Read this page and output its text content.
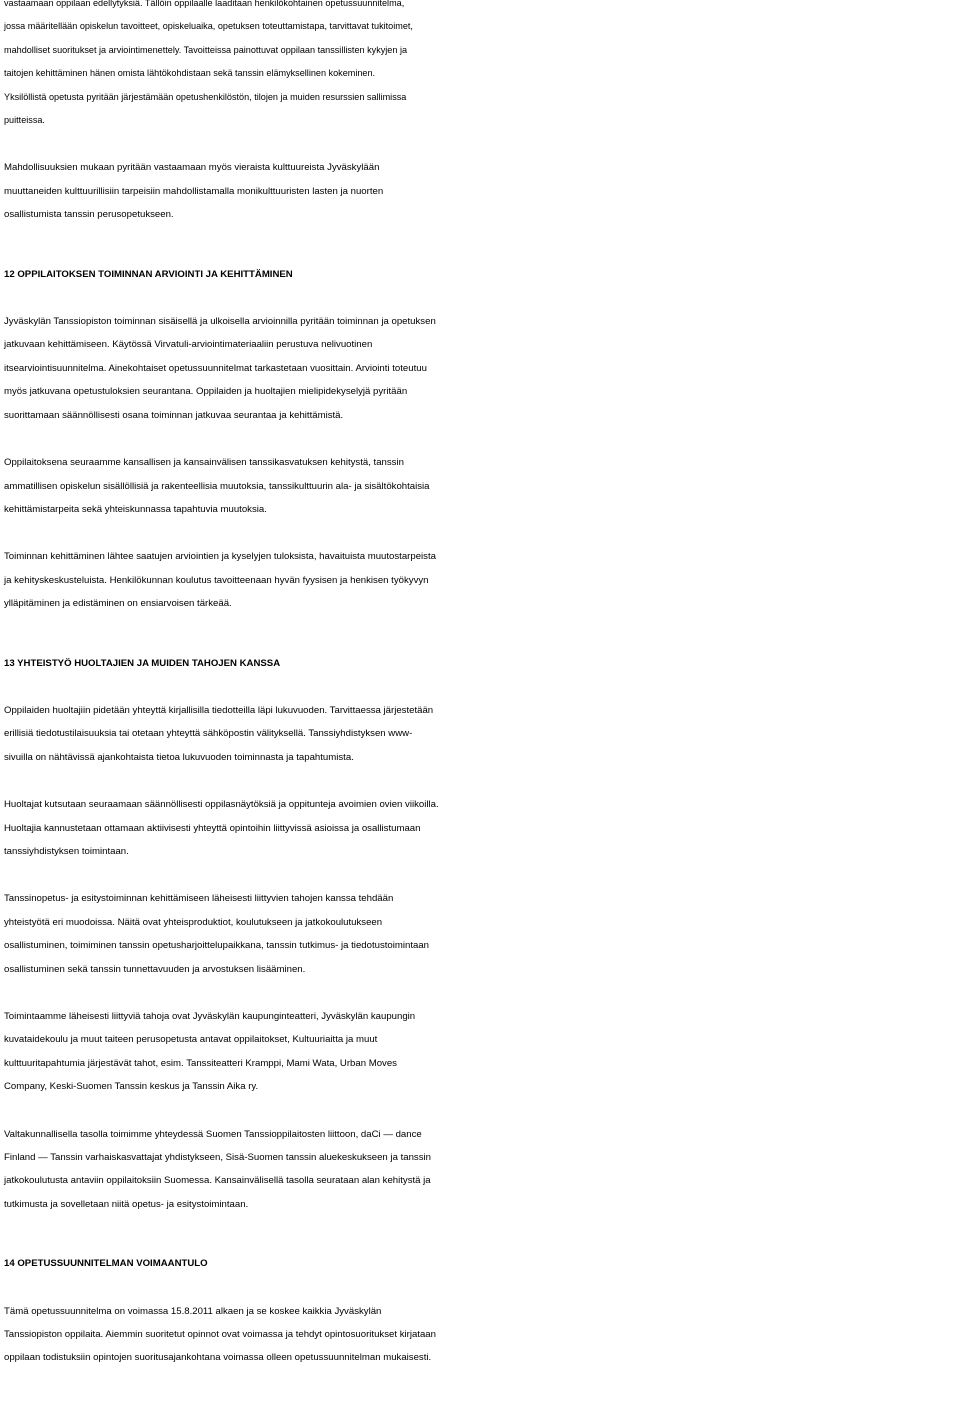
vastaamaan oppilaan edellytyksiä. Tällöin oppilaalle laaditaan henkilökohtainen opetussuunnitelma,
jossa määritellään opiskelun tavoitteet, opiskeluaika, opetuksen toteuttamistapa, tarvittavat tukitoimet,
mahdolliset suoritukset ja arviointimenettely. Tavoitteissa painottuvat oppilaan tanssillisten kykyjen ja
taitojen kehittäminen hänen omista lähtökohdistaan sekä tanssin elämyksellinen kokeminen.
Yksilöllistä opetusta pyritään järjestämään opetushenkilöstön, tilojen ja muiden resurssien sallimissa
puitteissa.
Mahdollisuuksien mukaan pyritään vastaamaan myös vieraista kulttuureista Jyväskylään
muuttaneiden kulttuurillisiin tarpeisiin mahdollistamalla monikulttuuristen lasten ja nuorten
osallistumista tanssin perusopetukseen.
12 OPPILAITOKSEN TOIMINNAN ARVIOINTI JA KEHITTÄMINEN
Jyväskylän Tanssiopiston toiminnan sisäisellä ja ulkoisella arvioinnilla pyritään toiminnan ja opetuksen
jatkuvaan kehittämiseen. Käytössä Virvatuli-arviointimateriaaliin perustuva nelivuotinen
itsearviointisuunnitelma. Ainekohtaiset opetussuunnitelmat tarkastetaan vuosittain. Arviointi toteutuu
myös jatkuvana opetustuloksien seurantana. Oppilaiden ja huoltajien mielipidekyselyjä pyritään
suorittamaan säännöllisesti osana toiminnan jatkuvaa seurantaa ja kehittämistä.
Oppilaitoksena seuraamme kansallisen ja kansainvälisen tanssikasvatuksen kehitystä, tanssin
ammatillisen opiskelun sisällöllisiä ja rakenteellisia muutoksia, tanssikulttuurin ala- ja sisältökohtaisia
kehittämistarpeita sekä yhteiskunnassa tapahtuvia muutoksia.
Toiminnan kehittäminen lähtee saatujen arviointien ja kyselyjen tuloksista, havaituista muutostarpeista
ja kehityskeskusteluista. Henkilökunnan koulutus tavoitteenaan hyvän fyysisen ja henkisen työkyvyn
ylläpitäminen ja edistäminen on ensiarvoisen tärkeää.
13 YHTEISTYÖ HUOLTAJIEN JA MUIDEN TAHOJEN KANSSA
Oppilaiden huoltajiin pidetään yhteyttä kirjallisilla tiedotteilla läpi lukuvuoden. Tarvittaessa järjestetään
erillisiä tiedotustilaisuuksia tai otetaan yhteyttä sähköpostin välityksellä. Tanssiyhdistyksen www-
sivuilla on nähtävissä ajankohtaista tietoa lukuvuoden toiminnasta ja tapahtumista.
Huoltajat kutsutaan seuraamaan säännöllisesti oppilasnäytöksiä ja oppitunteja avoimien ovien viikoilla.
Huoltajia kannustetaan ottamaan aktiivisesti yhteyttä opintoihin liittyvissä asioissa ja osallistumaan
tanssiyhdistyksen toimintaan.
Tanssinopetus- ja esitystoiminnan kehittämiseen läheisesti liittyvien tahojen kanssa tehdään
yhteistyötä eri muodoissa. Näitä ovat yhteisproduktiot, koulutukseen ja jatkokoulutukseen
osallistuminen, toimiminen tanssin opetusharjoittelupaikkana, tanssin tutkimus- ja tiedotustoimintaan
osallistuminen sekä tanssin tunnettavuuden ja arvostuksen lisääminen.
Toimintaamme läheisesti liittyviä tahoja ovat Jyväskylän kaupunginteatteri, Jyväskylän kaupungin
kuvataidekoulu ja muut taiteen perusopetusta antavat oppilaitokset, Kultuuriaitta ja muut
kulttuuritapahtumia järjestävät tahot, esim. Tanssiteatteri Kramppi, Mami Wata, Urban Moves
Company, Keski-Suomen Tanssin keskus ja Tanssin Aika ry.
Valtakunnallisella tasolla toimimme yhteydessä Suomen Tanssioppilaitosten liittoon, daCi — dance
Finland — Tanssin varhaiskasvattajat yhdistykseen, Sisä-Suomen tanssin aluekeskukseen ja tanssin
jatkokoulutusta antaviin oppilaitoksiin Suomessa. Kansainvälisellä tasolla seurataan alan kehitystä ja
tutkimusta ja sovelletaan niitä opetus- ja esitystoimintaan.
14 OPETUSSUUNNITELMAN VOIMAANTULO
Tämä opetussuunnitelma on voimassa 15.8.2011 alkaen ja se koskee kaikkia Jyväskylän
Tanssiopiston oppilaita. Aiemmin suoritetut opinnot ovat voimassa ja tehdyt opintosuoritukset kirjataan
oppilaan todistuksiin opintojen suoritusajankohtana voimassa olleen opetussuunnitelman mukaisesti.
